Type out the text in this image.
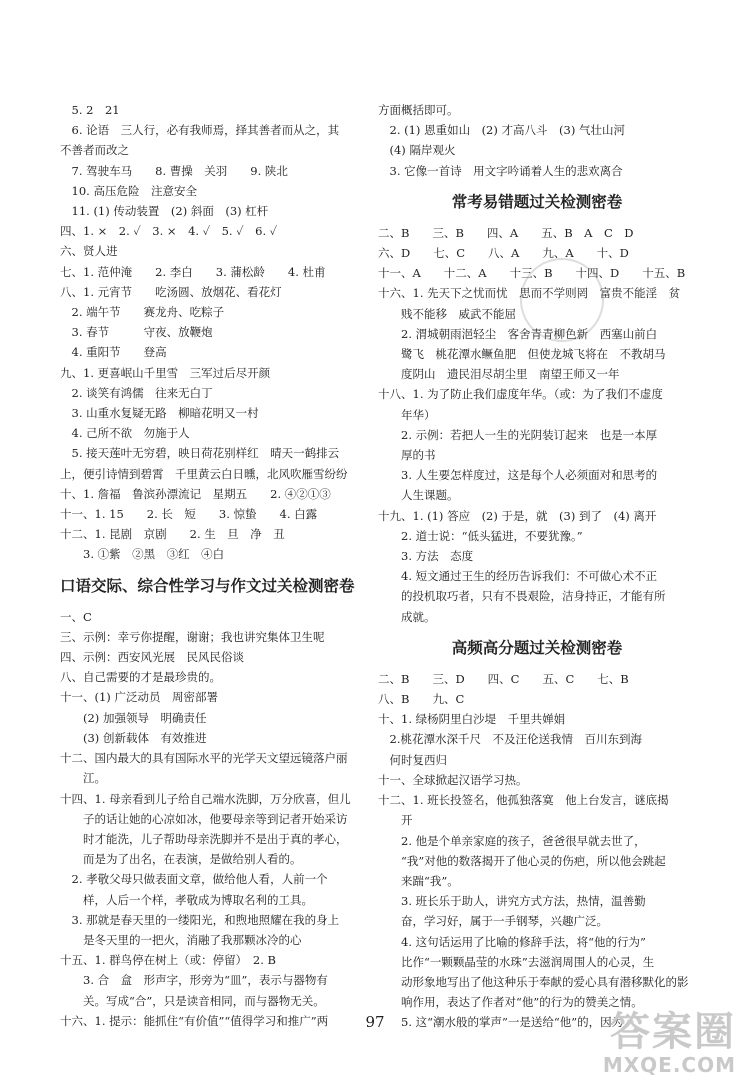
　5. 2　21
　6. 论语　三人行，必有我师焉，择其善者而从之，其
不善者而改之
　7. 驾驶车马　　8. 曹操　关羽　　9. 陕北
　10. 高压危险　注意安全
　11. (1) 传动装置　(2) 斜面　(3) 杠杆
四、1. ×　2. ✓　3. ×　4. ✓　5. ✓　6. ✓
六、贤人进
七、1. 范仲淹　　2. 李白　　3. 蒲松龄　　4. 杜甫
八、1. 元宵节　　吃汤圆、放烟花、看花灯
　2. 端午节　　赛龙舟、吃粽子
　3. 春节　　　守夜、放鞭炮
　4. 重阳节　　登高
九、1. 更喜岷山千里雪　三军过后尽开颜
　2. 谈笑有鸿儒　往来无白丁
　3. 山重水复疑无路　柳暗花明又一村
　4. 己所不欲　勿施于人
　5. 接天莲叶无穷碧，映日荷花别样红　晴天一鹤排云
上，便引诗情到碧霄　千里黄云白日曛，北风吹雁雪纷纷
十、1. 詹福　鲁滨孙漂流记　星期五　　2. ④②①③
十一、1. 15　　2. 长　短　　3. 惊蛰　　4. 白露
十二、1. 昆剧　京剧　　2. 生　旦　净　丑
　　3. ①紫　②黑　③红　④白
口语交际、综合性学习与作文过关检测密卷
一、C
三、示例：幸亏你提醒，谢谢；我也讲究集体卫生呢
四、示例：西安风光展　民风民俗谈
八、自己需要的才是最珍贵的。
十一、(1) 广泛动员　周密部署
　　(2) 加强领导　明确责任
　　(3) 创新载体　有效推进
十二、国内最大的具有国际水平的光学天文望远镜落户丽
　　江。
十四、1. 母亲看到儿子给自己端水洗脚，万分欣喜，但儿
　　子的话让她的心凉如冰，他要母亲等到记者开始采访
　　时才能洗，儿子帮助母亲洗脚并不是出于真的孝心，
　　而是为了出名，在表演，是做给别人看的。
　2. 孝敬父母只做表面文章，做给他人看，人前一个
　　样，人后一个样，孝敬成为博取名利的工具。
　3. 那就是春天里的一缕阳光，和煦地照耀在我的身上
　　是冬天里的一把火，消融了我那颗冰冷的心
十五、1. 群鸟停在树上（或：停留）　2. B
　　3. 合　盒　形声字，形旁为“皿”，表示与器物有
　　关。写成“合”，只是读音相同，而与器物无关。
十六、1. 提示：能抓住“有价值”“值得学习和推广”两
方面概括即可。
　2. (1) 恩重如山　(2) 才高八斗　(3) 气壮山河
　(4) 隔岸观火
　3. 它像一首诗　用文字吟诵着人生的悲欢离合
常考易错题过关检测密卷
二、B　　三、B　　四、A　　五、B　A　C　D
六、D　　七、C　　八、A　　九、A　　十、D
十一、A　　十二、A　　十三、B　　十四、D　　十五、B
十六、1. 先天下之忧而忧　思而不学则罔　富贵不能淫　贫
　　贱不能移　威武不能屈
　　2. 渭城朝雨浥轻尘　客舍青青柳色新　西塞山前白
　　鹭飞　桃花潭水鳜鱼肥　但使龙城飞将在　不教胡马
　　度阴山　遗民泪尽胡尘里　南望王师又一年
十八、1. 为了防止我们虚度年华。（或：为了我们不虚度
　　年华）
　　2. 示例：若把人一生的光阴装订起来　也是一本厚
　　厚的书
　　3. 人生要怎样度过，这是每个人必须面对和思考的
　　人生课题。
十九、1. (1) 答应　(2) 于是，就　(3) 到了　(4) 离开
　　2. 道士说：“低头猛进，不要犹豫。”
　　3. 方法　态度
　　4. 短文通过王生的经历告诉我们：不可做心术不正
　　的投机取巧者，只有不畏艰险，洁身持正，才能有所
　　成就。
高频高分题过关检测密卷
二、B　　三、D　　四、C　　五、C　　七、B
八、B　　九、C
十、1. 绿杨阴里白沙堤　千里共婵娟
　2.桃花潭水深千尺　不及汪伦送我情　百川东到海
　何时复西归
十一、全球掀起汉语学习热。
十二、1. 班长投签名，他孤独落寞　他上台发言，谜底揭
　　开
　　2. 他是个单亲家庭的孩子，爸爸很早就去世了，
　　“我”对他的数落揭开了他心灵的伤疤，所以他会跳起
　　来踹“我”。
　　3. 班长乐于助人，讲究方式方法，热情，温善勤
　　奋，学习好，属于一手钢琴，兴趣广泛。
　　4. 这句话运用了比喻的修辞手法，将“他的行为”
　　比作“一颗颗晶莹的水珠”去滋润周围人的心灵，生
　　动形象地写出了他这种乐于奉献的爱心具有潜移默化的影
　　响作用，表达了作者对“他”的行为的赞美之情。
　　5. 这“潮水般的掌声”一是送给“他”的，因为
97	答案圈
MXQE.COM
